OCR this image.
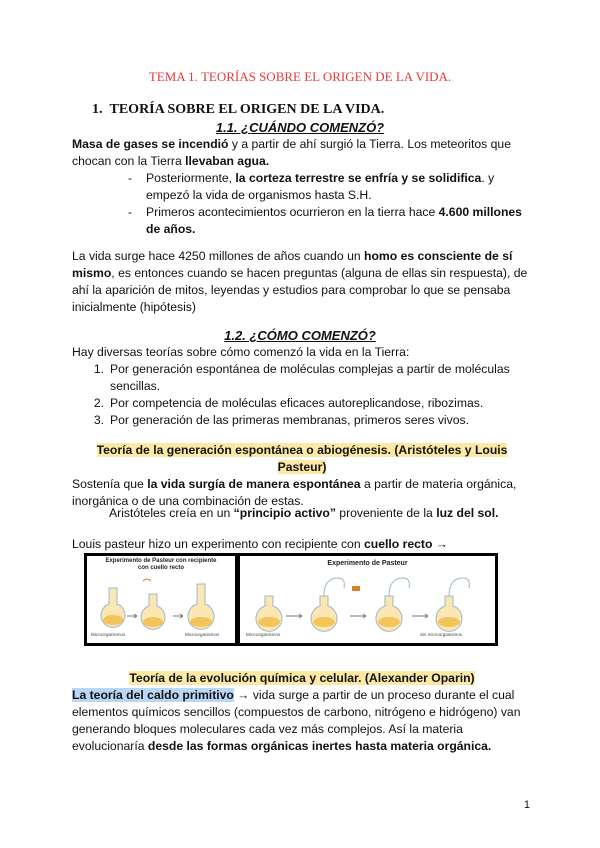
TEMA 1. TEORÍAS SOBRE EL ORIGEN DE LA VIDA.
1. TEORÍA SOBRE EL ORIGEN DE LA VIDA.
1.1. ¿CUÁNDO COMENZÓ?
Masa de gases se incendió y a partir de ahí surgió la Tierra. Los meteoritos que
chocan con la Tierra llevaban agua.
-	Posteriormente, la corteza terrestre se enfría y se solidifica. y
empezó la vida de organismos hasta S.H.
-	Primeros acontecimientos ocurrieron en la tierra hace 4.600 millones
de años.
La vida surge hace 4250 millones de años cuando un homo es consciente de sí
mismo, es entonces cuando se hacen preguntas (alguna de ellas sin respuesta), de
ahí la aparición de mitos, leyendas y estudios para comprobar lo que se pensaba
inicialmente (hipótesis)
1.2. ¿CÓMO COMENZÓ?
Hay diversas teorías sobre cómo comenzó la vida en la Tierra:
1. Por generación espontánea de moléculas complejas a partir de moléculas
sencillas.
2. Por competencia de moléculas eficaces autoreplicandose, ribozimas.
3. Por generación de las primeras membranas, primeros seres vivos.
Teoría de la generación espontánea o abiogénesis. (Aristóteles y Louis
Pasteur)
Sostenía que la vida surgía de manera espontánea a partir de materia orgánica,
inorgánica o de una combinación de estas.
Aristóteles creía en un “principio activo” proveniente de la luz del sol.
Louis pasteur hizo un experimento con recipiente con cuello recto →
Experimento de Pasteur con recipiente
con cuello recto
Microorganismos	Microorganismos
Experimento de Pasteur
Microorganismos	Sin microorganismos
Teoría de la evolución química y celular. (Alexander Oparin)
La teoría del caldo primitivo → vida surge a partir de un proceso durante el cual
elementos químicos sencillos (compuestos de carbono, nitrógeno e hidrógeno) van
generando bloques moleculares cada vez más complejos. Así la materia
evolucionaría desde las formas orgánicas inertes hasta materia orgánica.
1
